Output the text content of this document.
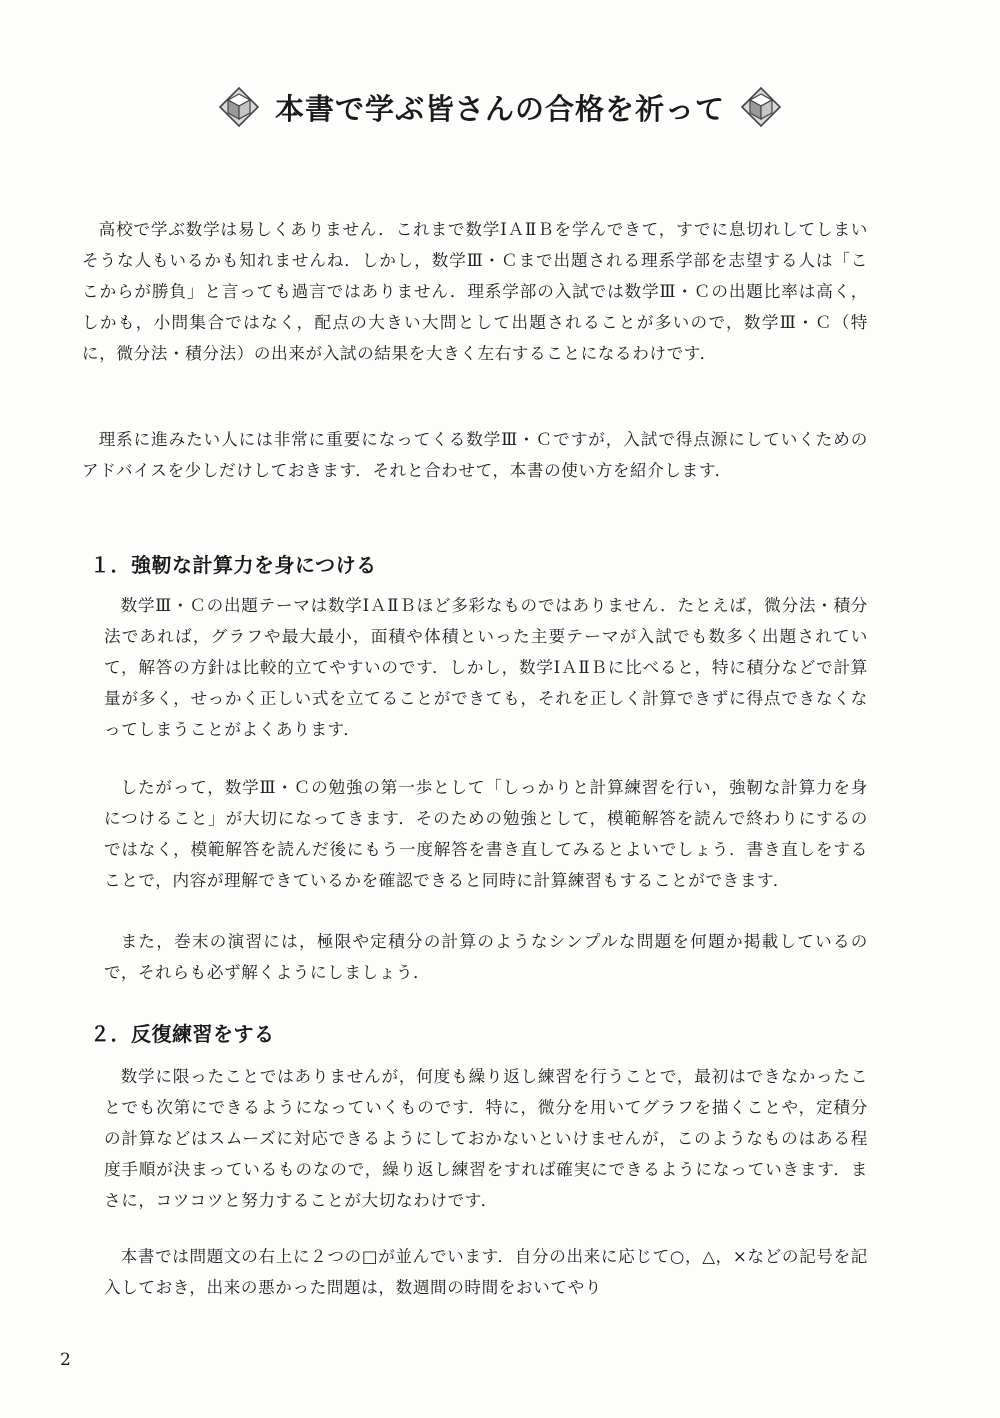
本書で学ぶ皆さんの合格を祈って

高校で学ぶ数学は易しくありません．これまで数学ⅠＡⅡＢを学んできて，すでに息切れしてしまいそうな人もいるかも知れませんね．しかし，数学Ⅲ・Ｃまで出題される理系学部を志望する人は「ここからが勝負」と言っても過言ではありません．理系学部の入試では数学Ⅲ・Ｃの出題比率は高く，しかも，小問集合ではなく，配点の大きい大問として出題されることが多いので，数学Ⅲ・Ｃ（特に，微分法・積分法）の出来が入試の結果を大きく左右することになるわけです．

理系に進みたい人には非常に重要になってくる数学Ⅲ・Ｃですが，入試で得点源にしていくためのアドバイスを少しだけしておきます．それと合わせて，本書の使い方を紹介します．

１．強靭な計算力を身につける

数学Ⅲ・Ｃの出題テーマは数学ⅠＡⅡＢほど多彩なものではありません．たとえば，微分法・積分法であれば，グラフや最大最小，面積や体積といった主要テーマが入試でも数多く出題されていて，解答の方針は比較的立てやすいのです．しかし，数学ⅠＡⅡＢに比べると，特に積分などで計算量が多く，せっかく正しい式を立てることができても，それを正しく計算できずに得点できなくなってしまうことがよくあります．

したがって，数学Ⅲ・Ｃの勉強の第一歩として「しっかりと計算練習を行い，強靭な計算力を身につけること」が大切になってきます．そのための勉強として，模範解答を読んで終わりにするのではなく，模範解答を読んだ後にもう一度解答を書き直してみるとよいでしょう．書き直しをすることで，内容が理解できているかを確認できると同時に計算練習もすることができます．

また，巻末の演習には，極限や定積分の計算のようなシンプルな問題を何題か掲載しているので，それらも必ず解くようにしましょう．

２．反復練習をする

数学に限ったことではありませんが，何度も繰り返し練習を行うことで，最初はできなかったことでも次第にできるようになっていくものです．特に，微分を用いてグラフを描くことや，定積分の計算などはスムーズに対応できるようにしておかないといけませんが，このようなものはある程度手順が決まっているものなので，繰り返し練習をすれば確実にできるようになっていきます．まさに，コツコツと努力することが大切なわけです．

本書では問題文の右上に２つの□が並んでいます．自分の出来に応じて○，△，×などの記号を記入しておき，出来の悪かった問題は，数週間の時間をおいてやり

2
